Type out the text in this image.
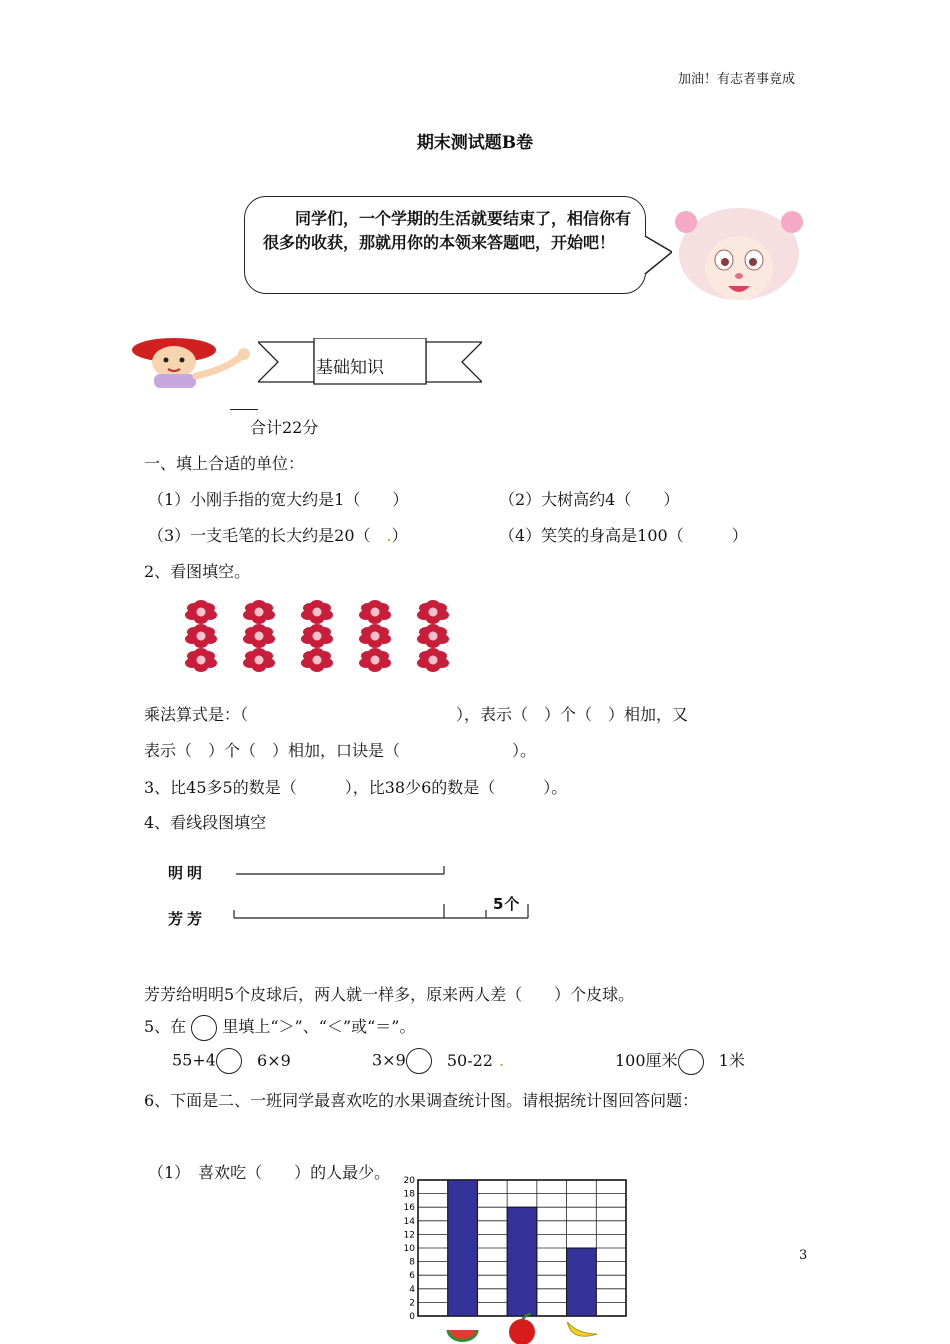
加油！有志者事竟成
期末测试题B卷
同学们，一个学期的生活就要结束了，相信你有很多的收获，那就用你的本领来答题吧，开始吧！
基础知识
合计22分
一、填上合适的单位：
（1）小刚手指的宽大约是1（　　）	（2）大树高约4（　　）
（3）一支毛笔的长大约是20（　.）	（4）笑笑的身高是100（　　　）
2、看图填空。
乘法算式是：（　　　　　　　　　　　　　），表示（　）个（　）相加，又
表示（　）个（　）相加，口诀是（　　　　　　　）。
3、比45多5的数是（　　　），比38少6的数是（　　　）。
4、看线段图填空
明明
芳芳
5个
芳芳给明明5个皮球后，两人就一样多，原来两人差（　　）个皮球。
5、在 里填上“＞”、“＜”或“＝”。
55+4	6×9	3×9	50-22 .	100厘米	1米
6、下面是二、一班同学最喜欢吃的水果调查统计图。请根据统计图回答问题：
（1）　喜欢吃（　　）的人最少。
0
2
4
6
8
10
12
14
16
18
20
3
